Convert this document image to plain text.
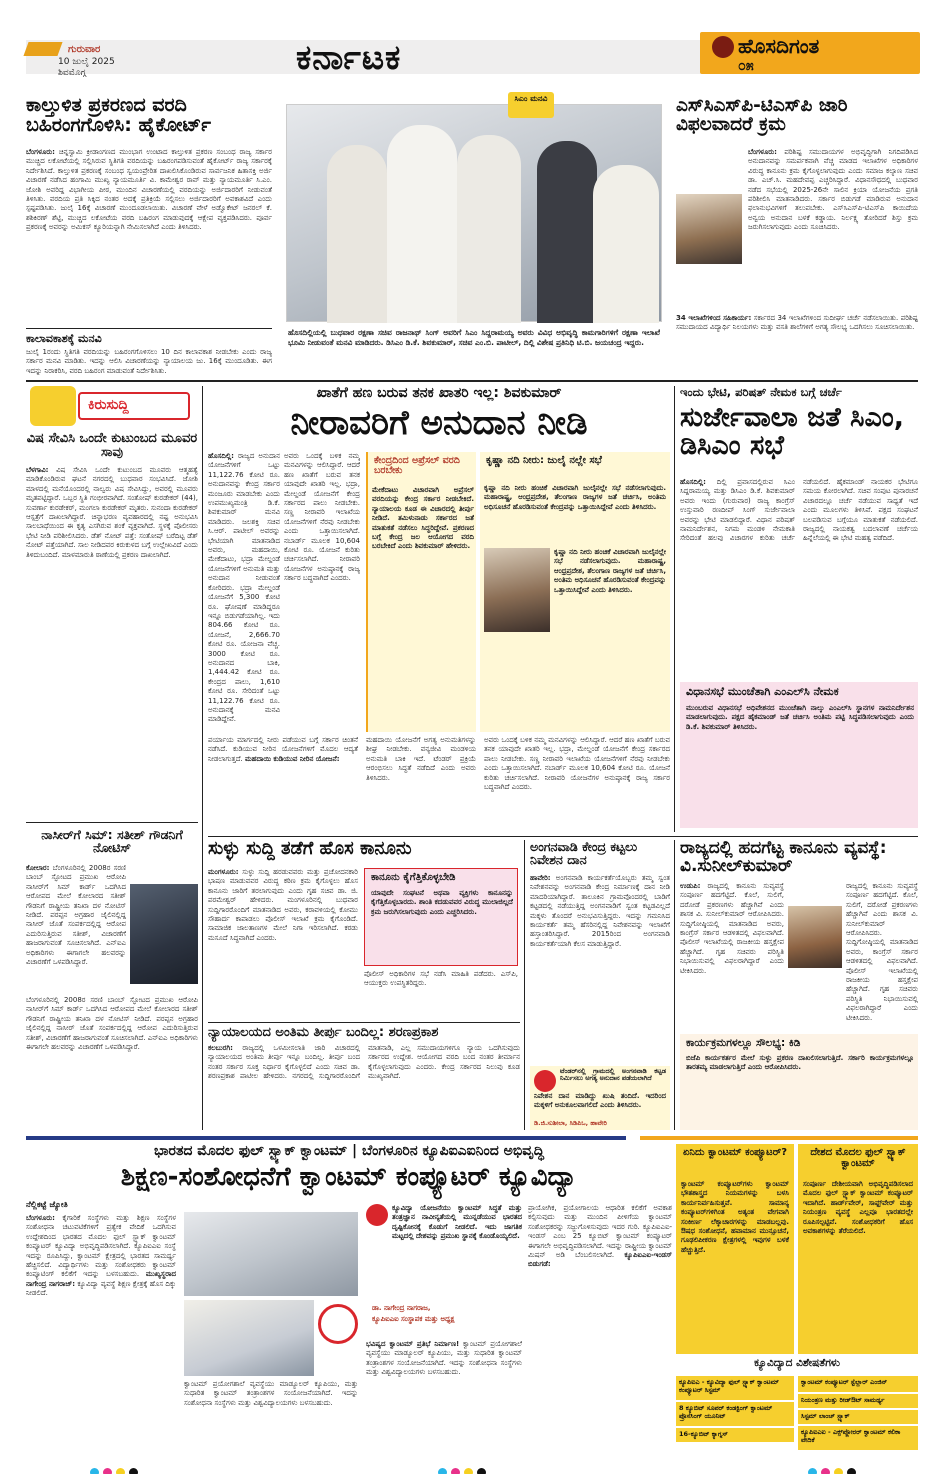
ಗುರುವಾರ
10 ಜುಲೈ 2025
ಶಿವಮೊಗ್ಗ	ಕರ್ನಾಟಕ	ಹೊಸದಿಗಂತ
೦೫
ಕಾಲ್ತುಳಿತ ಪ್ರಕರಣದ ವರದಿ ಬಹಿರಂಗಗೊಳಿಸಿ: ಹೈಕೋರ್ಟ್
ಬೆಂಗಳೂರು: ಚಿನ್ನಸ್ವಾಮಿ ಕ್ರೀಡಾಂಗಣದ ಮುಂಭಾಗ ಉಂಟಾದ ಕಾಲ್ತುಳಿತ ಪ್ರಕರಣ ಸಂಬಂಧ ರಾಜ್ಯ ಸರ್ಕಾರ ಮುಚ್ಚಿದ ಲಕೋಟೆಯಲ್ಲಿ ಸಲ್ಲಿಸಿರುವ ಸ್ಥಿತಿಗತಿ ವರದಿಯನ್ನು ಬಹಿರಂಗಪಡಿಸುವಂತೆ ಹೈಕೋರ್ಟ್ ರಾಜ್ಯ ಸರ್ಕಾರಕ್ಕೆ ನಿರ್ದೇಶಿಸಿದೆ. ಕಾಲ್ತುಳಿತ ಪ್ರಕರಣಕ್ಕೆ ಸಂಬಂಧ ಸ್ವಯಂಪ್ರೇರಿತ ದಾಖಲಿಸಿಕೊಂಡಿರುವ ಸಾರ್ವಜನಿಕ ಹಿತಾಸಕ್ತಿ ಅರ್ಜಿ ವಿಚಾರಣೆ ನಡೆಸಿದ ಹಂಗಾಮಿ ಮುಖ್ಯ ನ್ಯಾಯಮೂರ್ತಿ ವಿ. ಕಾಮೇಶ್ವರ ರಾವ್ ಮತ್ತು ನ್ಯಾಯಮೂರ್ತಿ ಸಿ.ಎಂ. ಜೋಶಿ ಅವರಿದ್ದ ವಿಭಾಗೀಯ ಪೀಠ, ಮುಂದಿನ ವಿಚಾರಣೆಯಲ್ಲಿ ವರದಿಯನ್ನು ಅರ್ಜಿದಾರರಿಗೆ ನೀಡುವಂತೆ ತಿಳಿಸಿತು. ವರದಿಯ ಪ್ರತಿ ಸಿಕ್ಕಿದ ನಂತರ ಅದಕ್ಕೆ ಪ್ರತಿಕ್ರಿಯೆ ಸಲ್ಲಿಸಲು ಅರ್ಜಿದಾರರಿಗೆ ಅವಕಾಶವಿದೆ ಎಂದು ಸ್ಪಷ್ಟಪಡಿಸಿತು. ಜುಲೈ 16ಕ್ಕೆ ವಿಚಾರಣೆ ಮುಂದೂಡಲಾಯಿತು. ವಿಚಾರಣೆ ವೇಳೆ ಅಡ್ವೊಕೇಟ್ ಜನರಲ್ ಕೆ. ಶಶಿಕಿರಣ್ ಶೆಟ್ಟಿ, ಮುಚ್ಚಿದ ಲಕೋಟೆಯ ವರದಿ ಬಹಿರಂಗ ಮಾಡುವುದಕ್ಕೆ ಆಕ್ಷೇಪ ವ್ಯಕ್ತಪಡಿಸಿದರು. ಪೂರ್ವ ಪ್ರಕರಣಕ್ಕೆ ಅವರನ್ನು ಅಮಿಕಸ್ ಕ್ಯೂರಿಯನ್ನಾಗಿ ನೇಮಿಸಲಾಗಿದೆ ಎಂದು ತಿಳಿಸಿದರು.
ಕಾಲಾವಕಾಶಕ್ಕೆ ಮನವಿ
ಜುಲೈ 1ರಂದು ಸ್ಥಿತಿಗತಿ ವರದಿಯನ್ನು ಬಹಿರಂಗಗೊಳಿಸಲು 10 ದಿನ ಕಾಲಾವಕಾಶ ನೀಡಬೇಕು ಎಂದು ರಾಜ್ಯ ಸರ್ಕಾರ ಮನವಿ ಮಾಡಿತು. ಇದನ್ನು ಆಲಿಸಿ ವಿಚಾರಣೆಯನ್ನು ನ್ಯಾಯಾಲಯ ಜು. 16ಕ್ಕೆ ಮುಂದೂಡಿತು. ಈಗ ಇದನ್ನು ನಿರಾಕರಿಸಿ, ವರದಿ ಬಹಿರಂಗ ಮಾಡುವಂತೆ ನಿರ್ದೇಶಿಸಿತು.
ಸಿಎಂ ಮನವಿ
ಹೊಸದಿಲ್ಲಿಯಲ್ಲಿ ಬುಧವಾರ ರಕ್ಷಣಾ ಸಚಿವ ರಾಜನಾಥ್ ಸಿಂಗ್ ಅವರಿಗೆ ಸಿಎಂ ಸಿದ್ದರಾಮಯ್ಯ ಅವರು ವಿವಿಧ ಅಭಿವೃದ್ಧಿ ಕಾಮಗಾರಿಗಳಿಗೆ ರಕ್ಷಣಾ ಇಲಾಖೆ ಭೂಮಿ ನೀಡುವಂತೆ ಮನವಿ ಮಾಡಿದರು. ಡಿಸಿಎಂ ಡಿ.ಕೆ. ಶಿವಕುಮಾರ್, ಸಚಿವ ಎಂ.ಬಿ. ಪಾಟೀಲ್, ದಿಲ್ಲಿ ವಿಶೇಷ ಪ್ರತಿನಿಧಿ ಟಿ.ಬಿ. ಜಯಚಂದ್ರ ಇದ್ದರು.
ಎಸ್‌ಸಿಎಸ್‌ಪಿ-ಟಿಎಸ್‌ಪಿ ಜಾರಿ ವಿಫಲವಾದರೆ ಕ್ರಮ
ಬೆಂಗಳೂರು: ಪರಿಶಿಷ್ಟ ಸಮುದಾಯಗಳ ಅಭಿವೃದ್ಧಿಗಾಗಿ ನಿಗದಿಪಡಿಸಿದ ಅನುದಾನವನ್ನು ಸಮರ್ಪಕವಾಗಿ ವೆಚ್ಚ ಮಾಡದ ಇಲಾಖೆಗಳ ಅಧಿಕಾರಿಗಳ ವಿರುದ್ಧ ಕಾನೂನು ಕ್ರಮ ಕೈಗೊಳ್ಳಲಾಗುವುದು ಎಂದು ಸಮಾಜ ಕಲ್ಯಾಣ ಸಚಿವ ಡಾ. ಎಚ್.ಸಿ. ಮಹದೇವಪ್ಪ ಎಚ್ಚರಿಸಿದ್ದಾರೆ. ವಿಧಾನಸೌಧದಲ್ಲಿ ಬುಧವಾರ ನಡೆದ ಸಭೆಯಲ್ಲಿ 2025-26ನೇ ಸಾಲಿನ ಕ್ರಿಯಾ ಯೋಜನೆಯ ಪ್ರಗತಿ ಪರಿಶೀಲಿಸಿ ಮಾತನಾಡಿದರು. ಸರ್ಕಾರ ಬಿಡುಗಡೆ ಮಾಡಿರುವ ಅನುದಾನ ಫಲಾನುಭವಿಗಳಿಗೆ ತಲುಪಬೇಕು. ಎಸ್‌ಸಿಎಸ್‌ಪಿ-ಟಿಎಸ್‌ಪಿ ಕಾಯಿದೆಯ ಅನ್ವಯ ಅನುದಾನ ಬಳಕೆ ಕಡ್ಡಾಯ. ನಿರ್ಲಕ್ಷ್ಯ ತೋರಿದರೆ ಶಿಸ್ತು ಕ್ರಮ ಜರುಗಿಸಲಾಗುವುದು ಎಂದು ಸೂಚಿಸಿದರು.
34 ಇಲಾಖೆಗಳಿಂದ ಸಹಿಕಾರ್ಯ: ಸರ್ಕಾರದ 34 ಇಲಾಖೆಗಳಿಂದ ಸುದೀರ್ಘ ಚರ್ಚೆ ನಡೆಸಲಾಯಿತು. ಪರಿಶಿಷ್ಟ ಸಮುದಾಯದ ವಿದ್ಯಾರ್ಥಿ ನಿಲಯಗಳು ಮತ್ತು ವಸತಿ ಶಾಲೆಗಳಿಗೆ ಅಗತ್ಯ ಸೌಲಭ್ಯ ಒದಗಿಸಲು ಸೂಚಿಸಲಾಯಿತು.
ಕಿರುಸುದ್ದಿ
ವಿಷ ಸೇವಿಸಿ ಒಂದೇ ಕುಟುಂಬದ ಮೂವರ ಸಾವು
ಬೆಳಗಾವಿ: ವಿಷ ಸೇವಿಸಿ ಒಂದೇ ಕುಟುಂಬದ ಮೂವರು ಆತ್ಮಹತ್ಯೆ ಮಾಡಿಕೊಂಡಿರುವ ಘಟನೆ ನಗರದಲ್ಲಿ ಬುಧವಾರ ಸಂಭವಿಸಿದೆ. ಜೋಶಿ ಮಾಳದಲ್ಲಿ ಮನೆಯೊಂದರಲ್ಲಿ ನಾಲ್ವರು ವಿಷ ಸೇವಿಸಿದ್ದು, ಅವರಲ್ಲಿ ಮೂವರು ಮೃತಪಟ್ಟಿದ್ದಾರೆ. ಒಬ್ಬರ ಸ್ಥಿತಿ ಗಂಭೀರವಾಗಿದೆ. ಸಂತೋಷ್ ಕುರಡೇಕರ್ (44), ಸುವರ್ಣಾ ಕುರಡೇಕರ್, ಮಂಗಲಾ ಕುರಡೇಕರ್ ಮೃತರು. ಸುನಂದಾ ಕುರಡೇಕರ್ ಆಸ್ಪತ್ರೆಗೆ ದಾಖಲಾಗಿದ್ದಾರೆ. ಚಿನ್ನಾಭರಣ ವ್ಯವಹಾರದಲ್ಲಿ ನಷ್ಟ ಅನುಭವಿಸಿ ಸಾಲಬಾಧೆಯಿಂದ ಈ ಕೃತ್ಯ ಎಸಗಿರುವ ಶಂಕೆ ವ್ಯಕ್ತವಾಗಿದೆ. ಸ್ಥಳಕ್ಕೆ ಪೊಲೀಸರು ಭೇಟಿ ನೀಡಿ ಪರಿಶೀಲಿಸಿದರು. ಡೆತ್ ನೋಟ್ ಪತ್ತೆ: ಸಂತೋಷ್ ಬರೆದಿಟ್ಟ ಡೆತ್ ನೋಟ್ ಪತ್ತೆಯಾಗಿದೆ. ಸಾಲ ನೀಡಿದವರ ಕಿರುಕುಳದ ಬಗ್ಗೆ ಉಲ್ಲೇಖವಿದೆ ಎಂದು ತಿಳಿದುಬಂದಿದೆ. ಮಾಳಮಾರುತಿ ಠಾಣೆಯಲ್ಲಿ ಪ್ರಕರಣ ದಾಖಲಾಗಿದೆ.
ನಾಸೀರ್‌ಗೆ ಸಿಮ್: ಸತೀಶ್ ಗೌಡನಿಗೆ ನೋಟಿಸ್
ಕೋಲಾರ: ಬೆಂಗಳೂರಿನಲ್ಲಿ 2008ರ ಸರಣಿ ಬಾಂಬ್ ಸ್ಫೋಟದ ಪ್ರಮುಖ ಆರೋಪಿ ನಾಸೀರ್‌ಗೆ ಸಿಮ್ ಕಾರ್ಡ್ ಒದಗಿಸಿದ ಆರೋಪದ ಮೇಲೆ ಕೋಲಾರದ ಸತೀಶ್ ಗೌಡನಿಗೆ ರಾಷ್ಟ್ರೀಯ ತನಿಖಾ ದಳ ನೋಟಿಸ್ ನೀಡಿದೆ. ಪರಪ್ಪನ ಅಗ್ರಹಾರ ಜೈಲಿನಲ್ಲಿದ್ದ ನಾಸೀರ್ ಜೊತೆ ಸಂಪರ್ಕದಲ್ಲಿದ್ದ ಆರೋಪ ಎದುರಿಸುತ್ತಿರುವ ಸತೀಶ್, ವಿಚಾರಣೆಗೆ ಹಾಜರಾಗುವಂತೆ ಸೂಚಿಸಲಾಗಿದೆ. ಎನ್‌ಐಎ ಅಧಿಕಾರಿಗಳು ಈಗಾಗಲೇ ಹಲವರನ್ನು ವಿಚಾರಣೆಗೆ ಒಳಪಡಿಸಿದ್ದಾರೆ.
ಬೆಂಗಳೂರಿನಲ್ಲಿ 2008ರ ಸರಣಿ ಬಾಂಬ್ ಸ್ಫೋಟದ ಪ್ರಮುಖ ಆರೋಪಿ ನಾಸೀರ್‌ಗೆ ಸಿಮ್ ಕಾರ್ಡ್ ಒದಗಿಸಿದ ಆರೋಪದ ಮೇಲೆ ಕೋಲಾರದ ಸತೀಶ್ ಗೌಡನಿಗೆ ರಾಷ್ಟ್ರೀಯ ತನಿಖಾ ದಳ ನೋಟಿಸ್ ನೀಡಿದೆ. ಪರಪ್ಪನ ಅಗ್ರಹಾರ ಜೈಲಿನಲ್ಲಿದ್ದ ನಾಸೀರ್ ಜೊತೆ ಸಂಪರ್ಕದಲ್ಲಿದ್ದ ಆರೋಪ ಎದುರಿಸುತ್ತಿರುವ ಸತೀಶ್, ವಿಚಾರಣೆಗೆ ಹಾಜರಾಗುವಂತೆ ಸೂಚಿಸಲಾಗಿದೆ. ಎನ್‌ಐಎ ಅಧಿಕಾರಿಗಳು ಈಗಾಗಲೇ ಹಲವರನ್ನು ವಿಚಾರಣೆಗೆ ಒಳಪಡಿಸಿದ್ದಾರೆ.
ಖಾತೆಗೆ ಹಣ ಬರುವ ತನಕ ಖಾತರಿ ಇಲ್ಲ: ಶಿವಕುಮಾರ್
ನೀರಾವರಿಗೆ ಅನುದಾನ ನೀಡಿ
ಹೊಸದಿಲ್ಲಿ: ರಾಜ್ಯದ ಅನುದಾನ ಯೋಜನೆಗಳಿಗೆ ಒಟ್ಟು 11,122.76 ಕೋಟಿ ರೂ. ಅನುದಾನವನ್ನು ಕೇಂದ್ರ ಸರ್ಕಾರ ಮಂಜೂರು ಮಾಡಬೇಕು ಎಂದು ಉಪಮುಖ್ಯಮಂತ್ರಿ ಡಿ.ಕೆ. ಶಿವಕುಮಾರ್ ಮನವಿ ಮಾಡಿದರು. ಜಲಶಕ್ತಿ ಸಚಿವ ಸಿ.ಆರ್. ಪಾಟೀಲ್ ಅವರನ್ನು ಭೇಟಿಯಾಗಿ ಮಾತನಾಡಿದ ಅವರು, ಮಹದಾಯಿ, ಮೇಕೆದಾಟು, ಭದ್ರಾ ಮೇಲ್ದಂಡೆ ಯೋಜನೆಗಳಿಗೆ ಅನುಮತಿ ಮತ್ತು ಅನುದಾನ ನೀಡುವಂತೆ ಕೋರಿದರು. ಭದ್ರಾ ಮೇಲ್ದಂಡೆ ಯೋಜನೆಗೆ 5,300 ಕೋಟಿ ರೂ. ಘೋಷಣೆ ಮಾಡಿದ್ದರೂ ಇನ್ನೂ ಬಿಡುಗಡೆಯಾಗಿಲ್ಲ. ಇದು 804.66 ಕೋಟಿ ರೂ. ಯೋಜನೆ, 2,666.70 ಕೋಟಿ ರೂ. ಯೋಜನಾ ವೆಚ್ಚ. 3000 ಕೋಟಿ ರೂ. ಅನುದಾನದ ಬಾಕಿ, 1,444.42 ಕೋಟಿ ರೂ. ಕೇಂದ್ರದ ಪಾಲು, 1,610 ಕೋಟಿ ರೂ. ಸೇರಿದಂತೆ ಒಟ್ಟು 11,122.76 ಕೋಟಿ ರೂ. ಅನುದಾನಕ್ಕೆ ಮನವಿ ಮಾಡಿದ್ದೇವೆ.
ಅವರು ಒಂದಕ್ಕೆ ಬಳಿಕ ನಮ್ಮ ಮನವಿಗಳನ್ನು ಆಲಿಸಿದ್ದಾರೆ. ಆದರೆ ಹಣ ಖಾತೆಗೆ ಬರುವ ತನಕ ಯಾವುದೇ ಖಾತರಿ ಇಲ್ಲ. ಭದ್ರಾ, ಮೇಲ್ದಂಡೆ ಯೋಜನೆಗೆ ಕೇಂದ್ರ ಸರ್ಕಾರದ ಪಾಲು ನೀಡಬೇಕು. ಸಣ್ಣ ನೀರಾವರಿ ಇಲಾಖೆಯ ಯೋಜನೆಗಳಿಗೆ ನೆರವು ನೀಡಬೇಕು ಎಂದು ಒತ್ತಾಯಿಸಲಾಗಿದೆ. ನಬಾರ್ಡ್ ಮೂಲಕ 10,604 ಕೋಟಿ ರೂ. ಯೋಜನೆ ಕುರಿತು ಚರ್ಚಿಸಲಾಗಿದೆ. ನೀರಾವರಿ ಯೋಜನೆಗಳ ಅನುಷ್ಠಾನಕ್ಕೆ ರಾಜ್ಯ ಸರ್ಕಾರ ಬದ್ಧವಾಗಿದೆ ಎಂದರು.
ಕೇಂದ್ರದಿಂದ ಅಪ್ರೆಸಲ್ ವರದಿ ಬರಬೇಕು
ಮೇಕೆದಾಟು ವಿಚಾರವಾಗಿ ಅಪ್ರೆಸಲ್ ವರದಿಯನ್ನು ಕೇಂದ್ರ ಸರ್ಕಾರ ನೀಡಬೇಕಿದೆ. ನ್ಯಾಯಾಲಯ ಕೂಡ ಈ ವಿಚಾರದಲ್ಲಿ ತೀರ್ಪು ನೀಡಿದೆ. ತಮಿಳುನಾಡು ಸರ್ಕಾರದ ಜತೆ ಮಾತುಕತೆ ನಡೆಸಲು ಸಿದ್ಧರಿದ್ದೇವೆ. ಪ್ರಕರಣದ ಬಗ್ಗೆ ಕೇಂದ್ರ ಜಲ ಆಯೋಗದ ವರದಿ ಬರಬೇಕಿದೆ ಎಂದು ಶಿವಕುಮಾರ್ ಹೇಳಿದರು.
ಕೃಷ್ಣಾ ನದಿ ನೀರು: ಜುಲೈ ನಲ್ಲೇ ಸಭೆ
ಕೃಷ್ಣಾ ನದಿ ನೀರು ಹಂಚಿಕೆ ವಿಚಾರವಾಗಿ ಜುಲೈನಲ್ಲೇ ಸಭೆ ನಡೆಸಲಾಗುವುದು. ಮಹಾರಾಷ್ಟ್ರ, ಆಂಧ್ರಪ್ರದೇಶ, ತೆಲಂಗಾಣ ರಾಜ್ಯಗಳ ಜತೆ ಚರ್ಚಿಸಿ, ಅಂತಿಮ ಅಧಿಸೂಚನೆ ಹೊರಡಿಸುವಂತೆ ಕೇಂದ್ರವನ್ನು ಒತ್ತಾಯಿಸಿದ್ದೇವೆ ಎಂದು ತಿಳಿಸಿದರು.
ಕೃಷ್ಣಾ ನದಿ ನೀರು ಹಂಚಿಕೆ ವಿಚಾರವಾಗಿ ಜುಲೈನಲ್ಲೇ ಸಭೆ ನಡೆಸಲಾಗುವುದು. ಮಹಾರಾಷ್ಟ್ರ, ಆಂಧ್ರಪ್ರದೇಶ, ತೆಲಂಗಾಣ ರಾಜ್ಯಗಳ ಜತೆ ಚರ್ಚಿಸಿ, ಅಂತಿಮ ಅಧಿಸೂಚನೆ ಹೊರಡಿಸುವಂತೆ ಕೇಂದ್ರವನ್ನು ಒತ್ತಾಯಿಸಿದ್ದೇವೆ ಎಂದು ತಿಳಿಸಿದರು.
ಪರ್ಯಾಯ ಮಾರ್ಗದಲ್ಲಿ ನೀರು ಪಡೆಯುವ ಬಗ್ಗೆ ಸರ್ಕಾರ ಚಿಂತನೆ ನಡೆಸಿದೆ. ಕುಡಿಯುವ ನೀರಿನ ಯೋಜನೆಗಳಿಗೆ ಮೊದಲ ಆದ್ಯತೆ ನೀಡಲಾಗುತ್ತದೆ. ಮಹದಾಯಿ ಕುಡಿಯುವ ನೀರಿನ ಯೋಜನೆ:
ಮಹದಾಯಿ ಯೋಜನೆಗೆ ಅಗತ್ಯ ಅನುಮತಿಗಳನ್ನು ಶೀಘ್ರ ನೀಡಬೇಕು. ವನ್ಯಜೀವಿ ಮಂಡಳಿಯ ಅನುಮತಿ ಬಾಕಿ ಇದೆ. ಟೆಂಡರ್ ಪ್ರಕ್ರಿಯೆ ಆರಂಭಿಸಲು ಸಿದ್ಧತೆ ನಡೆದಿದೆ ಎಂದು ಅವರು ತಿಳಿಸಿದರು.
ಅವರು ಒಂದಕ್ಕೆ ಬಳಿಕ ನಮ್ಮ ಮನವಿಗಳನ್ನು ಆಲಿಸಿದ್ದಾರೆ. ಆದರೆ ಹಣ ಖಾತೆಗೆ ಬರುವ ತನಕ ಯಾವುದೇ ಖಾತರಿ ಇಲ್ಲ. ಭದ್ರಾ, ಮೇಲ್ದಂಡೆ ಯೋಜನೆಗೆ ಕೇಂದ್ರ ಸರ್ಕಾರದ ಪಾಲು ನೀಡಬೇಕು. ಸಣ್ಣ ನೀರಾವರಿ ಇಲಾಖೆಯ ಯೋಜನೆಗಳಿಗೆ ನೆರವು ನೀಡಬೇಕು ಎಂದು ಒತ್ತಾಯಿಸಲಾಗಿದೆ. ನಬಾರ್ಡ್ ಮೂಲಕ 10,604 ಕೋಟಿ ರೂ. ಯೋಜನೆ ಕುರಿತು ಚರ್ಚಿಸಲಾಗಿದೆ. ನೀರಾವರಿ ಯೋಜನೆಗಳ ಅನುಷ್ಠಾನಕ್ಕೆ ರಾಜ್ಯ ಸರ್ಕಾರ ಬದ್ಧವಾಗಿದೆ ಎಂದರು.
ಇಂದು ಭೇಟಿ, ಪರಿಷತ್ ನೇಮಕ ಬಗ್ಗೆ ಚರ್ಚೆ
ಸುರ್ಜೇವಾಲಾ ಜತೆ ಸಿಎಂ, ಡಿಸಿಎಂ ಸಭೆ
ಹೊಸದಿಲ್ಲಿ: ದಿಲ್ಲಿ ಪ್ರವಾಸದಲ್ಲಿರುವ ಸಿಎಂ ಸಿದ್ದರಾಮಯ್ಯ ಮತ್ತು ಡಿಸಿಎಂ ಡಿ.ಕೆ. ಶಿವಕುಮಾರ್ ಅವರು ಇಂದು (ಗುರುವಾರ) ರಾಜ್ಯ ಕಾಂಗ್ರೆಸ್ ಉಸ್ತುವಾರಿ ರಣದೀಪ್ ಸಿಂಗ್ ಸುರ್ಜೇವಾಲಾ ಅವರನ್ನು ಭೇಟಿ ಮಾಡಲಿದ್ದಾರೆ. ವಿಧಾನ ಪರಿಷತ್ ನಾಮನಿರ್ದೇಶನ, ನಿಗಮ ಮಂಡಳಿ ನೇಮಕಾತಿ ಸೇರಿದಂತೆ ಹಲವು ವಿಚಾರಗಳ ಕುರಿತು ಚರ್ಚೆ ನಡೆಯಲಿದೆ. ಹೈಕಮಾಂಡ್ ನಾಯಕರ ಭೇಟಿಗೂ ಸಮಯ ಕೋರಲಾಗಿದೆ. ಸಚಿವ ಸಂಪುಟ ಪುನಾರಚನೆ ವಿಚಾರದಲ್ಲೂ ಚರ್ಚೆ ನಡೆಯುವ ಸಾಧ್ಯತೆ ಇದೆ ಎಂದು ಮೂಲಗಳು ತಿಳಿಸಿವೆ. ಪಕ್ಷದ ಸಂಘಟನೆ ಬಲಪಡಿಸುವ ಬಗ್ಗೆಯೂ ಮಾತುಕತೆ ನಡೆಯಲಿದೆ. ರಾಜ್ಯದಲ್ಲಿ ನಾಯಕತ್ವ ಬದಲಾವಣೆ ಚರ್ಚೆಯ ಹಿನ್ನೆಲೆಯಲ್ಲಿ ಈ ಭೇಟಿ ಮಹತ್ವ ಪಡೆದಿದೆ.
ವಿಧಾನಸಭೆ ಮುಂಚೆತಾಗಿ ಎಂಎಲ್‌ಸಿ ನೇಮಕ
ಮುಂಬರುವ ವಿಧಾನಸಭೆ ಅಧಿವೇಶನದ ಮುಂಚೆತಾಗಿ ನಾಲ್ಕು ಎಂಎಲ್‌ಸಿ ಸ್ಥಾನಗಳ ನಾಮನಿರ್ದೇಶನ ಮಾಡಲಾಗುವುದು. ಪಕ್ಷದ ಹೈಕಮಾಂಡ್ ಜತೆ ಚರ್ಚಿಸಿ ಅಂತಿಮ ಪಟ್ಟಿ ಸಿದ್ಧಪಡಿಸಲಾಗುವುದು ಎಂದು ಡಿ.ಕೆ. ಶಿವಕುಮಾರ್ ತಿಳಿಸಿದರು.
ಸುಳ್ಳು ಸುದ್ದಿ ತಡೆಗೆ ಹೊಸ ಕಾನೂನು
ಮಂಗಳೂರು: ಸುಳ್ಳು ಸುದ್ದಿ ಹರಡುವವರು ಮತ್ತು ಪ್ರಚೋದನಕಾರಿ ಭಾಷಣ ಮಾಡುವವರ ವಿರುದ್ಧ ಕಠಿಣ ಕ್ರಮ ಕೈಗೊಳ್ಳಲು ಹೊಸ ಕಾನೂನು ಜಾರಿಗೆ ತರಲಾಗುವುದು ಎಂದು ಗೃಹ ಸಚಿವ ಡಾ. ಜಿ. ಪರಮೇಶ್ವರ್ ಹೇಳಿದರು. ಮಂಗಳೂರಿನಲ್ಲಿ ಬುಧವಾರ ಸುದ್ದಿಗಾರರೊಂದಿಗೆ ಮಾತನಾಡಿದ ಅವರು, ಕರಾವಳಿಯಲ್ಲಿ ಕೋಮು ಸೌಹಾರ್ದ ಕಾಪಾಡಲು ಪೊಲೀಸ್ ಇಲಾಖೆ ಕ್ರಮ ಕೈಗೊಂಡಿದೆ. ಸಾಮಾಜಿಕ ಜಾಲತಾಣಗಳ ಮೇಲೆ ನಿಗಾ ಇರಿಸಲಾಗಿದೆ. ಕರಡು ಮಸೂದೆ ಸಿದ್ಧವಾಗಿದೆ ಎಂದರು.
ಕಾನೂನು ಕೈಗೆತ್ತಿಕೊಳ್ಳಬೇಡಿ
ಯಾವುದೇ ಸಂಘಟನೆ ಅಥವಾ ವ್ಯಕ್ತಿಗಳು ಕಾನೂನನ್ನು ಕೈಗೆತ್ತಿಕೊಳ್ಳಬಾರದು. ಶಾಂತಿ ಕದಡುವವರ ವಿರುದ್ಧ ಮುಲಾಜಿಲ್ಲದೆ ಕ್ರಮ ಜರುಗಿಸಲಾಗುವುದು ಎಂದು ಎಚ್ಚರಿಸಿದರು.
ಪೊಲೀಸ್ ಅಧಿಕಾರಿಗಳ ಸಭೆ ನಡೆಸಿ ಮಾಹಿತಿ ಪಡೆದರು. ಎಸ್‌ಪಿ, ಆಯುಕ್ತರು ಉಪಸ್ಥಿತರಿದ್ದರು.
ಅಂಗನವಾಡಿ ಕೇಂದ್ರ ಕಟ್ಟಲು ನಿವೇಶನ ದಾನ
ಹಾವೇರಿ: ಅಂಗನವಾಡಿ ಕಾರ್ಯಕರ್ತೆಯೊಬ್ಬರು ತಮ್ಮ ಸ್ವಂತ ನಿವೇಶನವನ್ನು ಅಂಗನವಾಡಿ ಕೇಂದ್ರ ನಿರ್ಮಾಣಕ್ಕೆ ದಾನ ನೀಡಿ ಮಾದರಿಯಾಗಿದ್ದಾರೆ. ತಾಲೂಕಿನ ಗ್ರಾಮವೊಂದರಲ್ಲಿ ಬಾಡಿಗೆ ಕಟ್ಟಡದಲ್ಲಿ ನಡೆಯುತ್ತಿದ್ದ ಅಂಗನವಾಡಿಗೆ ಸ್ವಂತ ಕಟ್ಟಡವಿಲ್ಲದೆ ಮಕ್ಕಳು ತೊಂದರೆ ಅನುಭವಿಸುತ್ತಿದ್ದರು. ಇದನ್ನು ಗಮನಿಸಿದ ಕಾರ್ಯಕರ್ತೆ ತಮ್ಮ ಹೆಸರಿನಲ್ಲಿದ್ದ ನಿವೇಶನವನ್ನು ಇಲಾಖೆಗೆ ಹಸ್ತಾಂತರಿಸಿದ್ದಾರೆ. 2015ರಿಂದ ಅಂಗನವಾಡಿ ಕಾರ್ಯಕರ್ತೆಯಾಗಿ ಕೆಲಸ ಮಾಡುತ್ತಿದ್ದಾರೆ.
ಟೆಂಡರ್‌ನಲ್ಲಿ ಗ್ರಾಮದಲ್ಲಿ ಅಂಗನವಾಡಿ ಕಟ್ಟಡ ನಿರ್ಮಿಸಲು ಅಗತ್ಯ ಅನುದಾನ ಪಡೆಯಲಾಗಿದೆ
ನಿವೇಶನ ದಾನ ಮಾಡಿದ್ದು ಖುಷಿ ತಂದಿದೆ. ಇದರಿಂದ ಮಕ್ಕಳಿಗೆ ಅನುಕೂಲವಾಗಲಿದೆ ಎಂದು ತಿಳಿಸಿದರು.
ಡಿ.ಜಿ.ಸುಶೀಲಾ, ಸಿಡಿಪಿಒ, ಹಾವೇರಿ
ರಾಜ್ಯದಲ್ಲಿ ಹದಗೆಟ್ಟ ಕಾನೂನು ವ್ಯವಸ್ಥೆ: ವಿ.ಸುನೀಲ್‌ಕುಮಾರ್
ಉಡುಪಿ: ರಾಜ್ಯದಲ್ಲಿ ಕಾನೂನು ಸುವ್ಯವಸ್ಥೆ ಸಂಪೂರ್ಣ ಹದಗೆಟ್ಟಿದೆ. ಕೊಲೆ, ಸುಲಿಗೆ, ದರೋಡೆ ಪ್ರಕರಣಗಳು ಹೆಚ್ಚಾಗಿವೆ ಎಂದು ಶಾಸಕ ವಿ. ಸುನೀಲ್‌ಕುಮಾರ್ ಆರೋಪಿಸಿದರು. ಸುದ್ದಿಗೋಷ್ಠಿಯಲ್ಲಿ ಮಾತನಾಡಿದ ಅವರು, ಕಾಂಗ್ರೆಸ್ ಸರ್ಕಾರ ಆಡಳಿತದಲ್ಲಿ ವಿಫಲವಾಗಿದೆ. ಪೊಲೀಸ್ ಇಲಾಖೆಯಲ್ಲಿ ರಾಜಕೀಯ ಹಸ್ತಕ್ಷೇಪ ಹೆಚ್ಚಾಗಿದೆ. ಗೃಹ ಸಚಿವರು ಪರಿಸ್ಥಿತಿ ನಿಭಾಯಿಸುವಲ್ಲಿ ವಿಫಲರಾಗಿದ್ದಾರೆ ಎಂದು ಟೀಕಿಸಿದರು.
ರಾಜ್ಯದಲ್ಲಿ ಕಾನೂನು ಸುವ್ಯವಸ್ಥೆ ಸಂಪೂರ್ಣ ಹದಗೆಟ್ಟಿದೆ. ಕೊಲೆ, ಸುಲಿಗೆ, ದರೋಡೆ ಪ್ರಕರಣಗಳು ಹೆಚ್ಚಾಗಿವೆ ಎಂದು ಶಾಸಕ ವಿ. ಸುನೀಲ್‌ಕುಮಾರ್ ಆರೋಪಿಸಿದರು. ಸುದ್ದಿಗೋಷ್ಠಿಯಲ್ಲಿ ಮಾತನಾಡಿದ ಅವರು, ಕಾಂಗ್ರೆಸ್ ಸರ್ಕಾರ ಆಡಳಿತದಲ್ಲಿ ವಿಫಲವಾಗಿದೆ. ಪೊಲೀಸ್ ಇಲಾಖೆಯಲ್ಲಿ ರಾಜಕೀಯ ಹಸ್ತಕ್ಷೇಪ ಹೆಚ್ಚಾಗಿದೆ. ಗೃಹ ಸಚಿವರು ಪರಿಸ್ಥಿತಿ ನಿಭಾಯಿಸುವಲ್ಲಿ ವಿಫಲರಾಗಿದ್ದಾರೆ ಎಂದು ಟೀಕಿಸಿದರು.
ಕಾರ್ಯಕ್ರಮಗಳಲ್ಲೂ ಸೌಲಭ್ಯ: ಕಿಡಿ
ಬಿಜೆಪಿ ಕಾರ್ಯಕರ್ತರ ಮೇಲೆ ಸುಳ್ಳು ಪ್ರಕರಣ ದಾಖಲಿಸಲಾಗುತ್ತಿದೆ. ಸರ್ಕಾರಿ ಕಾರ್ಯಕ್ರಮಗಳಲ್ಲೂ ತಾರತಮ್ಯ ಮಾಡಲಾಗುತ್ತಿದೆ ಎಂದು ಆರೋಪಿಸಿದರು.
ನ್ಯಾಯಾಲಯದ ಅಂತಿಮ ತೀರ್ಪು ಬಂದಿಲ್ಲ: ಶರಣಪ್ರಕಾಶ
ಕಲಬುರಗಿ: ರಾಜ್ಯದಲ್ಲಿ ಒಳಮೀಸಲಾತಿ ಜಾರಿ ವಿಚಾರದಲ್ಲಿ ನ್ಯಾಯಾಲಯದ ಅಂತಿಮ ತೀರ್ಪು ಇನ್ನೂ ಬಂದಿಲ್ಲ. ತೀರ್ಪು ಬಂದ ನಂತರ ಸರ್ಕಾರ ಸೂಕ್ತ ನಿರ್ಧಾರ ಕೈಗೊಳ್ಳಲಿದೆ ಎಂದು ಸಚಿವ ಡಾ. ಶರಣಪ್ರಕಾಶ ಪಾಟೀಲ ಹೇಳಿದರು. ನಗರದಲ್ಲಿ ಸುದ್ದಿಗಾರರೊಂದಿಗೆ ಮಾತನಾಡಿ, ಎಲ್ಲ ಸಮುದಾಯಗಳಿಗೂ ನ್ಯಾಯ ಒದಗಿಸುವುದು ಸರ್ಕಾರದ ಉದ್ದೇಶ. ಆಯೋಗದ ವರದಿ ಬಂದ ನಂತರ ತೀರ್ಮಾನ ಕೈಗೊಳ್ಳಲಾಗುವುದು ಎಂದರು. ಕೇಂದ್ರ ಸರ್ಕಾರದ ನಿಲುವು ಕೂಡ ಮುಖ್ಯವಾಗಿದೆ.
ಭಾರತದ ಮೊದಲ ಫುಲ್ ಸ್ಟ್ಯಾಕ್ ಕ್ವಾಂಟಮ್ | ಬೆಂಗಳೂರಿನ ಕ್ಯೂಪಿಐಎಐನಿಂದ ಅಭಿವೃದ್ಧಿ
ಶಿಕ್ಷಣ-ಸಂಶೋಧನೆಗೆ ಕ್ವಾಂಟಮ್ ಕಂಪ್ಯೂಟರ್ ಕ್ಯೂವಿದ್ಯಾ
ನೆಲ್ಲಿಕಟ್ಟೆ ಜ್ಯೋತಿ
ಬೆಂಗಳೂರು: ಕೈಗಾರಿಕೆ ಸಂಸ್ಥೆಗಳು ಮತ್ತು ಶಿಕ್ಷಣ ಸಂಸ್ಥೆಗಳ ಸಂಶೋಧನಾ ಚಟುವಟಿಕೆಗಳಿಗೆ ಪ್ರತ್ಯೇಕ ವೇದಿಕೆ ಒದಗಿಸುವ ಉದ್ದೇಶದಿಂದ ಭಾರತದ ಮೊದಲ ಫುಲ್ ಸ್ಟ್ಯಾಕ್ ಕ್ವಾಂಟಮ್ ಕಂಪ್ಯೂಟರ್ ಕ್ಯೂವಿದ್ಯಾ ಅಭಿವೃದ್ಧಿಪಡಿಸಲಾಗಿದೆ. ಕ್ಯೂಪಿಐಎಐ ಸಂಸ್ಥೆ ಇದನ್ನು ರೂಪಿಸಿದ್ದು, ಕ್ವಾಂಟಮ್ ಕ್ಷೇತ್ರದಲ್ಲಿ ಭಾರತದ ಸಾಮರ್ಥ್ಯ ಹೆಚ್ಚಿಸಲಿದೆ. ವಿದ್ಯಾರ್ಥಿಗಳು ಮತ್ತು ಸಂಶೋಧಕರು ಕ್ವಾಂಟಮ್ ಕಂಪ್ಯೂಟಿಂಗ್ ಕಲಿಕೆಗೆ ಇದನ್ನು ಬಳಸಬಹುದು. ಮುಖ್ಯಸ್ಥರಾದ ನಾಗೇಂದ್ರ ನಾಗರಾಜ್: ಕ್ಯೂವಿದ್ಯಾ ವ್ಯವಸ್ಥೆ ಶಿಕ್ಷಣ ಕ್ಷೇತ್ರಕ್ಕೆ ಹೊಸ ದಿಕ್ಕು ನೀಡಲಿದೆ.
ಕ್ವಾಂಟಮ್ ಪ್ರಯೋಗಶಾಲೆ ವ್ಯವಸ್ಥೆಯು ಮಾಡ್ಯೂಲರ್ ಕ್ಯೂಪಿಯು, ಮತ್ತು ಸುಧಾರಿತ ಕ್ವಾಂಟಮ್ ತಂತ್ರಾಂಶಗಳ ಸಂಯೋಜನೆಯಾಗಿದೆ. ಇದನ್ನು ಸಂಶೋಧನಾ ಸಂಸ್ಥೆಗಳು ಮತ್ತು ವಿಶ್ವವಿದ್ಯಾಲಯಗಳು ಬಳಸಬಹುದು.
ಕ್ಯೂವಿದ್ಯಾ ಯೋಜನೆಯು ಕ್ವಾಂಟಮ್ ಸಿದ್ಧತೆ ಮತ್ತು ತಂತ್ರಜ್ಞಾನ ನಾವೀನ್ಯತೆಯಲ್ಲಿ ಮುನ್ನಡೆಯುವ ಭಾರತದ ದೃಷ್ಟಿಕೋನಕ್ಕೆ ಕೊಡುಗೆ ನೀಡಲಿದೆ. ಇದು ಜಾಗತಿಕ ಮಟ್ಟದಲ್ಲಿ ದೇಶವನ್ನು ಪ್ರಮುಖ ಸ್ಥಾನಕ್ಕೆ ಕೊಂಡೊಯ್ಯಲಿದೆ.
ಡಾ. ನಾಗೇಂದ್ರ ನಾಗರಾಜ,
ಕ್ಯೂಪಿಐಎಐ ಸಂಸ್ಥಾಪಕ ಮತ್ತು ಅಧ್ಯಕ್ಷ
ಭವಿಷ್ಯದ ಕ್ವಾಂಟಮ್ ಪ್ರತಿಭೆ ನಿರ್ಮಾಣ! ಕ್ವಾಂಟಮ್ ಪ್ರಯೋಗಶಾಲೆ ವ್ಯವಸ್ಥೆಯು ಮಾಡ್ಯೂಲರ್ ಕ್ಯೂಪಿಯು, ಮತ್ತು ಸುಧಾರಿತ ಕ್ವಾಂಟಮ್ ತಂತ್ರಾಂಶಗಳ ಸಂಯೋಜನೆಯಾಗಿದೆ. ಇದನ್ನು ಸಂಶೋಧನಾ ಸಂಸ್ಥೆಗಳು ಮತ್ತು ವಿಶ್ವವಿದ್ಯಾಲಯಗಳು ಬಳಸಬಹುದು.
ಪ್ರಾಯೋಗಿಕ, ಪ್ರಯೋಗಾಲಯ ಆಧಾರಿತ ಕಲಿಕೆಗೆ ಅವಕಾಶ ಕಲ್ಪಿಸುವುದು ಮತ್ತು ಮುಂದಿನ ಪೀಳಿಗೆಯ ಕ್ವಾಂಟಮ್ ಸಂಶೋಧಕರನ್ನು ಸಜ್ಜುಗೊಳಿಸುವುದು ಇದರ ಗುರಿ. ಕ್ಯೂಪಿಐಎಐ-ಇಂಡಸ್ ಎಂಬ 25 ಕ್ಯೂಬಿಟ್ ಕ್ವಾಂಟಮ್ ಕಂಪ್ಯೂಟರ್ ಈಗಾಗಲೇ ಅಭಿವೃದ್ಧಿಪಡಿಸಲಾಗಿದೆ. ಇದನ್ನು ರಾಷ್ಟ್ರೀಯ ಕ್ವಾಂಟಮ್ ಮಿಷನ್ ಅಡಿ ಬೆಂಬಲಿಸಲಾಗಿದೆ. ಕ್ಯೂಪಿಐಎಐ-ಇಂಡಸ್ ಬಿಡುಗಡೆ:
ಏನಿದು ಕ್ವಾಂಟಮ್ ಕಂಪ್ಯೂಟರ್?
ಕ್ವಾಂಟಮ್ ಕಂಪ್ಯೂಟರ್‌ಗಳು ಕ್ವಾಂಟಮ್ ಭೌತಶಾಸ್ತ್ರದ ನಿಯಮಗಳನ್ನು ಬಳಸಿ ಕಾರ್ಯನಿರ್ವಹಿಸುತ್ತವೆ. ಸಾಮಾನ್ಯ ಕಂಪ್ಯೂಟರ್‌ಗಳಿಗಿಂತ ಅತ್ಯಂತ ವೇಗವಾಗಿ ಸಂಕೀರ್ಣ ಲೆಕ್ಕಾಚಾರಗಳನ್ನು ಮಾಡಬಲ್ಲವು. ಔಷಧ ಸಂಶೋಧನೆ, ಹವಾಮಾನ ಮುನ್ಸೂಚನೆ, ಗೂಢಲಿಪೀಕರಣ ಕ್ಷೇತ್ರಗಳಲ್ಲಿ ಇವುಗಳ ಬಳಕೆ ಹೆಚ್ಚುತ್ತಿದೆ.
ದೇಶದ ಮೊದಲ ಫುಲ್ ಸ್ಟ್ಯಾಕ್ ಕ್ವಾಂಟಮ್
ಸಂಪೂರ್ಣ ದೇಶೀಯವಾಗಿ ಅಭಿವೃದ್ಧಿಪಡಿಸಲಾದ ಮೊದಲ ಫುಲ್ ಸ್ಟ್ಯಾಕ್ ಕ್ವಾಂಟಮ್ ಕಂಪ್ಯೂಟರ್ ಇದಾಗಿದೆ. ಹಾರ್ಡ್‌ವೇರ್, ಸಾಫ್ಟ್‌ವೇರ್ ಮತ್ತು ನಿಯಂತ್ರಣ ವ್ಯವಸ್ಥೆ ಎಲ್ಲವೂ ಭಾರತದಲ್ಲೇ ರೂಪಿಸಲ್ಪಟ್ಟಿವೆ. ಸಂಶೋಧಕರಿಗೆ ಹೊಸ ಅವಕಾಶಗಳನ್ನು ತೆರೆಯಲಿದೆ.
ಕ್ಯೂವಿದ್ಯಾದ ವಿಶೇಷತೆಗಳು
ಕ್ಯೂಪಿಐಎ - ಕ್ಯೂವಿದ್ಯಾ ಫುಲ್ ಸ್ಟ್ಯಾಕ್ ಕ್ವಾಂಟಮ್ ಕಂಪ್ಯೂಟರ್ ಸಿಸ್ಟಮ್
8 ಕ್ಯೂಬಿಟ್ ಸೂಪರ್ ಕಂಡಕ್ಟಿಂಗ್ ಕ್ವಾಂಟಮ್ ಪ್ರೊಸೆಸಿಂಗ್ ಯೂನಿಟ್
16-ಕ್ಯೂಬಿಟ್ ಕ್ಯಾಗ್ನಸ್
ಕ್ವಾಂಟಮ್ ಕಂಪ್ಯೂಟರ್ ಸ್ಟೆಲ್ಲಾರ್ ಎಂಜಿನ್
ನಿಯಂತ್ರಣ ಮತ್ತು ರೀಡ್‌ಔಟ್ ಸಾಮರ್ಥ್ಯ
ಸಿಸ್ಟಮ್ ಲಾಂಚ್ ಸ್ಟ್ಯಾಕ್
ಕ್ಯೂಪಿಐಎಐ - ಎಕ್ಸ್‌ಪ್ಲೋರರ್ ಕ್ವಾಂಟಮ್ ಕಲಿಕಾ ವೇದಿಕೆ
